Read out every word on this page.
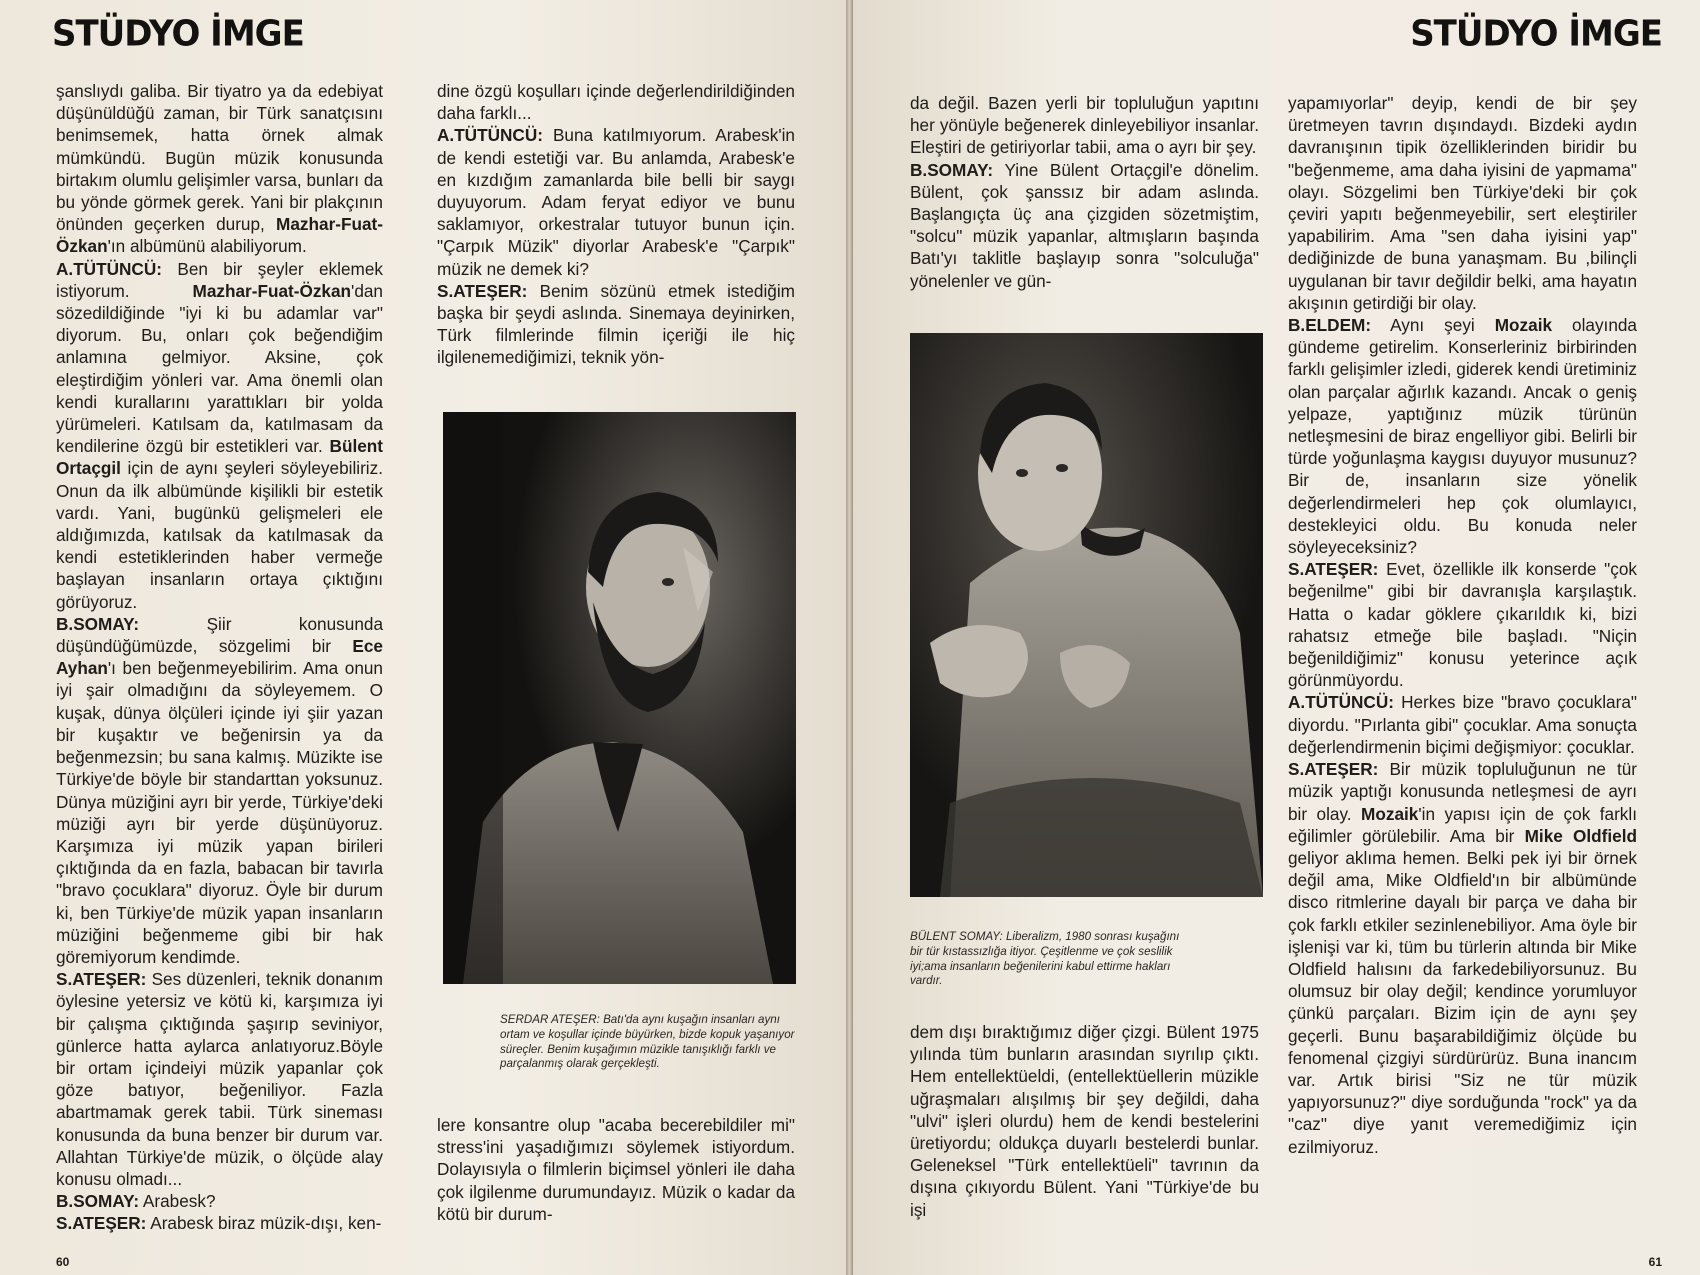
STÜDYO İMGE

şanslıydı galiba. Bir tiyatro ya da edebiyat düşünüldüğü zaman, bir Türk sanatçısını benimsemek, hatta örnek almak mümkündü. Bugün müzik konusunda birtakım olumlu gelişimler varsa, bunları da bu yönde görmek gerek. Yani bir plakçının önünden geçerken durup, Mazhar-Fuat-Özkan'ın albümünü alabiliyorum.

A.TÜTÜNCÜ: Ben bir şeyler eklemek istiyorum. Mazhar-Fuat-Özkan'dan sözedildiğinde "iyi ki bu adamlar var" diyorum. Bu, onları çok beğendiğim anlamına gelmiyor. Aksine, çok eleştirdiğim yönleri var. Ama önemli olan kendi kurallarını yarattıkları bir yolda yürümeleri. Katılsam da, katılmasam da kendilerine özgü bir estetikleri var. Bülent Ortaçgil için de aynı şeyleri söyleyebiliriz. Onun da ilk albümünde kişilikli bir estetik vardı. Yani, bugünkü gelişmeleri ele aldığımızda, katılsak da katılmasak da kendi estetiklerinden haber vermeğe başlayan insanların ortaya çıktığını görüyoruz.

B.SOMAY:	Şiir konusunda düşündüğümüzde, sözgelimi bir Ece Ayhan'ı ben beğenmeyebilirim. Ama onun iyi şair olmadığını da söyleyemem. O kuşak, dünya ölçüleri içinde iyi şiir yazan bir kuşaktır ve beğenirsin ya da beğenmezsin; bu sana kalmış. Müzikte ise Türkiye'de böyle bir standarttan yoksunuz. Dünya müziğini ayrı bir yerde, Türkiye'deki müziği ayrı bir yerde düşünüyoruz. Karşımıza iyi müzik yapan birileri çıktığında da en fazla, babacan bir tavırla "bravo çocuklara" diyoruz. Öyle bir durum ki, ben Türkiye'de müzik yapan insanların müziğini beğenmeme gibi bir hak göremiyorum kendimde.

S.ATEŞER: Ses düzenleri, teknik donanım öylesine yetersiz ve kötü ki, karşımıza iyi bir çalışma çıktığında şaşırıp seviniyor, günlerce hatta aylarca anlatıyoruz.Böyle bir ortam içindeiyi müzik yapanlar çok göze batıyor, beğeniliyor. Fazla abartmamak gerek tabii. Türk sineması konusunda da buna benzer bir durum var. Allahtan Türkiye'de müzik, o ölçüde alay konusu olmadı...

B.SOMAY: Arabesk?

S.ATEŞER: Arabesk biraz müzik-dışı, ken-

dine özgü koşulları içinde değerlendirildiğinden daha farklı...

A.TÜTÜNCÜ: Buna katılmıyorum. Arabesk'in de kendi estetiği var. Bu anlamda, Arabesk'e en kızdığım zamanlarda bile belli bir saygı duyuyorum. Adam feryat ediyor ve bunu saklamıyor, orkestralar tutuyor bunun için. "Çarpık Müzik" diyorlar Arabesk'e "Çarpık" müzik ne demek ki?

S.ATEŞER: Benim sözünü etmek istediğim başka bir şeydi aslında. Sinemaya deyinirken, Türk filmlerinde filmin içeriği ile hiç ilgilenemediğimizi, teknik yön-

SERDAR ATEŞER: Batı'da aynı kuşağın insanları aynı ortam ve koşullar içinde büyürken, bizde kopuk yaşanıyor süreçler. Benim kuşağımın müzikle tanışıklığı farklı ve parçalanmış olarak gerçekleşti.

lere konsantre olup "acaba becerebildiler mi" stress'ini yaşadığımızı söylemek istiyordum. Dolayısıyla o filmlerin biçimsel yönleri ile daha çok ilgilenme durumundayız. Müzik o kadar da kötü bir durum-

60
STÜDYO İMGE

da değil. Bazen yerli bir topluluğun yapıtını her yönüyle beğenerek dinleyebiliyor insanlar. Eleştiri de getiriyorlar tabii, ama o ayrı bir şey.

B.SOMAY: Yine Bülent Ortaçgil'e dönelim. Bülent, çok şanssız bir adam aslında. Başlangıçta üç ana çizgiden sözetmiştim, "solcu" müzik yapanlar, altmışların başında Batı'yı taklitle başlayıp sonra "solculuğa" yönelenler ve gün-

BÜLENT SOMAY: Liberalizm, 1980 sonrası kuşağını bir tür kıstassızlığa itiyor. Çeşitlenme ve çok seslilik iyi;ama insanların beğenilerini kabul ettirme hakları vardır.

dem dışı bıraktığımız diğer çizgi. Bülent 1975 yılında tüm bunların arasından sıyrılıp çıktı. Hem entellektüeldi, (entellektüellerin müzikle uğraşmaları alışılmış bir şey değildi, daha "ulvi" işleri olurdu) hem de kendi bestelerini üretiyordu; oldukça duyarlı bestelerdi bunlar. Geleneksel "Türk entellektüeli" tavrının da dışına çıkıyordu Bülent. Yani "Türkiye'de bu işi

yapamıyorlar" deyip, kendi de bir şey üretmeyen tavrın dışındaydı. Bizdeki aydın davranışının tipik özelliklerinden biridir bu "beğenmeme, ama daha iyisini de yapmama" olayı. Sözgelimi ben Türkiye'deki bir çok çeviri yapıtı beğenmeyebilir, sert eleştiriler yapabilirim. Ama "sen daha iyisini yap" dediğinizde de buna yanaşmam. Bu ,bilinçli uygulanan bir tavır değildir belki, ama hayatın akışının getirdiği bir olay.

B.ELDEM: Aynı şeyi Mozaik olayında gündeme getirelim. Konserleriniz birbirinden farklı gelişimler izledi, giderek kendi üretiminiz olan parçalar ağırlık kazandı. Ancak o geniş yelpaze, yaptığınız müzik türünün netleşmesini de biraz engelliyor gibi. Belirli bir türde yoğunlaşma kaygısı duyuyor musunuz? Bir de, insanların size yönelik değerlendirmeleri hep çok olumlayıcı, destekleyici oldu. Bu konuda neler söyleyeceksiniz?

S.ATEŞER: Evet, özellikle ilk konserde "çok beğenilme" gibi bir davranışla karşılaştık. Hatta o kadar göklere çıkarıldık ki, bizi rahatsız etmeğe bile başladı. "Niçin beğenildiğimiz" konusu yeterince açık görünmüyordu.

A.TÜTÜNCÜ: Herkes bize "bravo çocuklara" diyordu. "Pırlanta gibi" çocuklar. Ama sonuçta değerlendirmenin biçimi değişmiyor: çocuklar.

S.ATEŞER: Bir müzik topluluğunun ne tür müzik yaptığı konusunda netleşmesi de ayrı bir olay. Mozaik'in yapısı için de çok farklı eğilimler görülebilir. Ama bir Mike Oldfield geliyor aklıma hemen. Belki pek iyi bir örnek değil ama, Mike Oldfield'ın bir albümünde disco ritmlerine dayalı bir parça ve daha bir çok farklı etkiler sezinlenebiliyor. Ama öyle bir işlenişi var ki, tüm bu türlerin altında bir Mike Oldfield halısını da farkedebiliyorsunuz. Bu olumsuz bir olay değil; kendince yorumluyor çünkü parçaları. Bizim için de aynı şey geçerli. Bunu başarabildiğimiz ölçüde bu fenomenal çizgiyi sürdürürüz. Buna inancım var. Artık birisi "Siz ne tür müzik yapıyorsunuz?" diye sorduğunda "rock" ya da "caz" diye yanıt veremediğimiz için ezilmiyoruz.

61
